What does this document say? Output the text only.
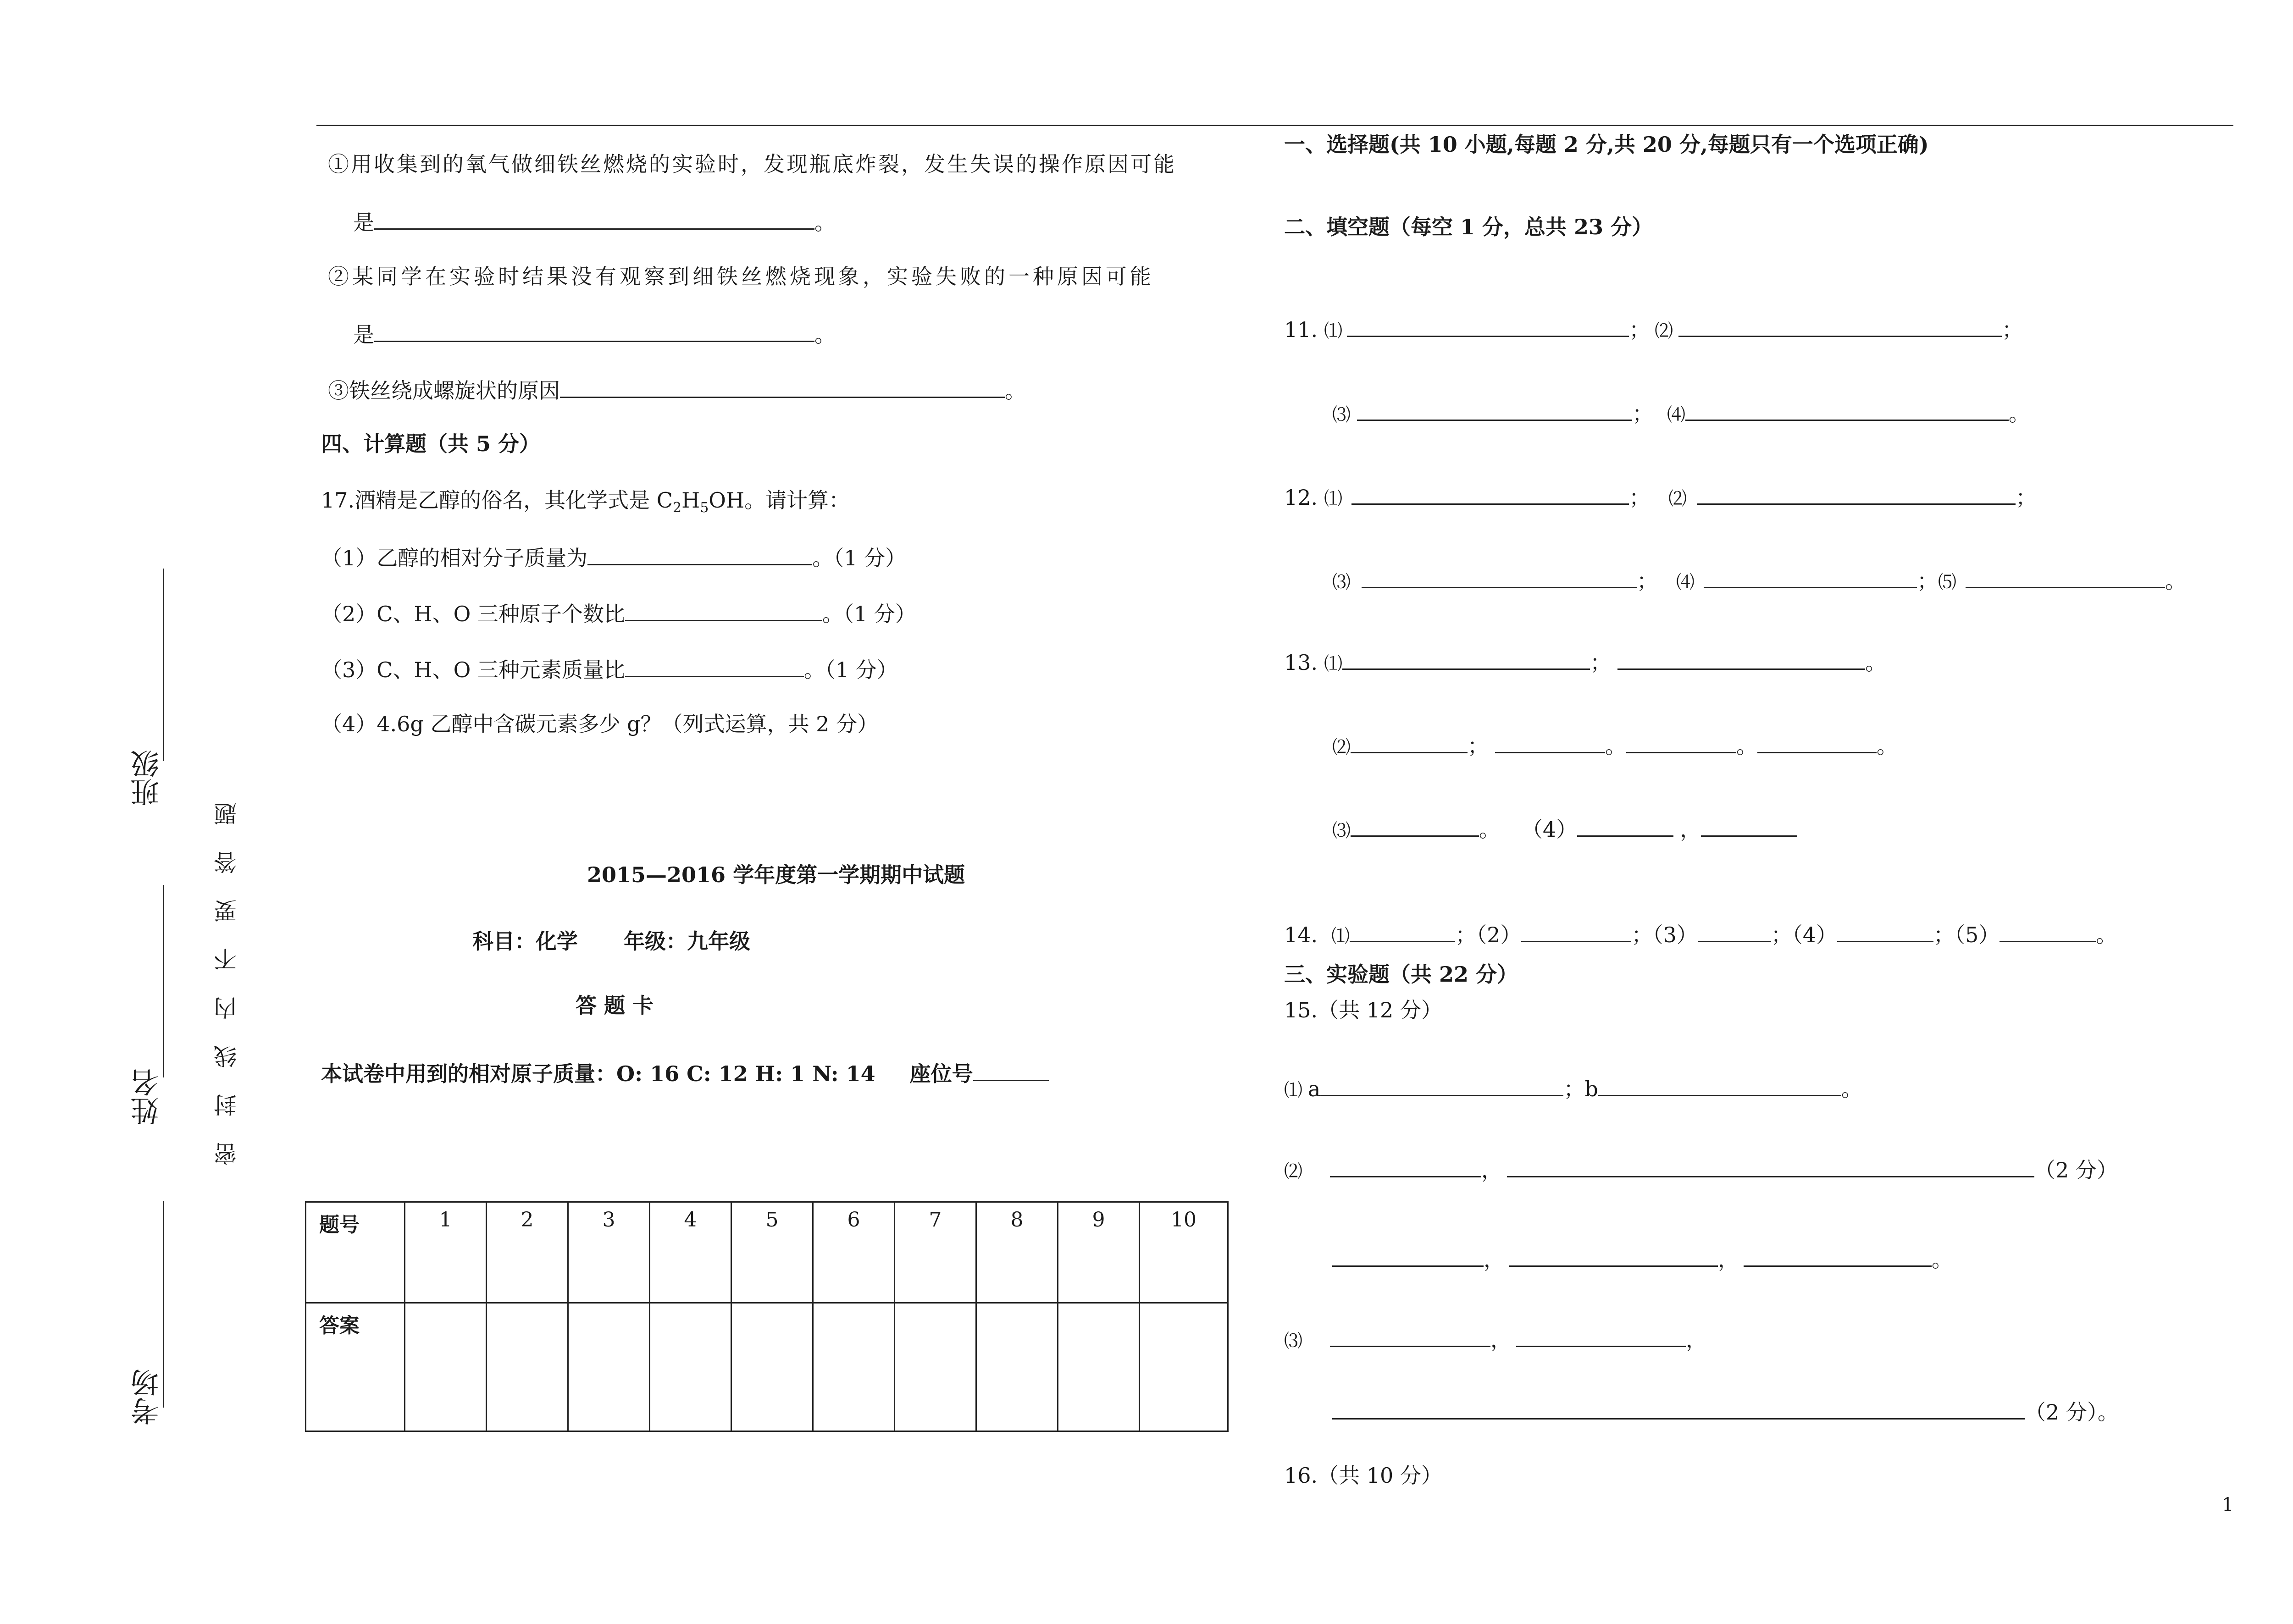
班级
姓名
考场
密 封 线 内 不 要 答 题
①用收集到的氧气做细铁丝燃烧的实验时，发现瓶底炸裂，发生失误的操作原因可能
是	。
②某同学在实验时结果没有观察到细铁丝燃烧现象，实验失败的一种原因可能
是	。
③铁丝绕成螺旋状的原因	。
四、计算题（共 5 分）
17.酒精是乙醇的俗名，其化学式是 $C_2H_5OH$。请计算：
（1）乙醇的相对分子质量为	。（1 分）
（2）C、H、O 三种原子个数比	。（1 分）
（3）C、H、O 三种元素质量比	。（1 分）
（4）4.6g 乙醇中含碳元素多少 g？（列式运算，共 2 分）
2015—2016 学年度第一学期期中试题
科目：化学 年级：九年级
答 题 卡
本试卷中用到的相对原子质量：O: 16 C: 12 H: 1 N: 14 座位号
题号	1	2	3	4	5	6	7	8	9	10
答案										
一、选择题(共 10 小题,每题 2 分,共 20 分,每题只有一个选项正确)
二、填空题（每空 1 分，总共 23 分）
11. ⑴	； ⑵	；
⑶	； ⑷	。
12. ⑴	； ⑵	；
⑶	； ⑷	；⑸	。
13. ⑴	；	。
⑵	；	。	。	。
⑶	。 （4）	，
14. ⑴	；（2）	；（3）	；（4）	；（5）	。
三、实验题（共 22 分）
15.（共 12 分）
⑴ a	；b	。
⑵	，	（2 分）
，	，	。
⑶	，	，
（2 分）。
16.（共 10 分）
1
